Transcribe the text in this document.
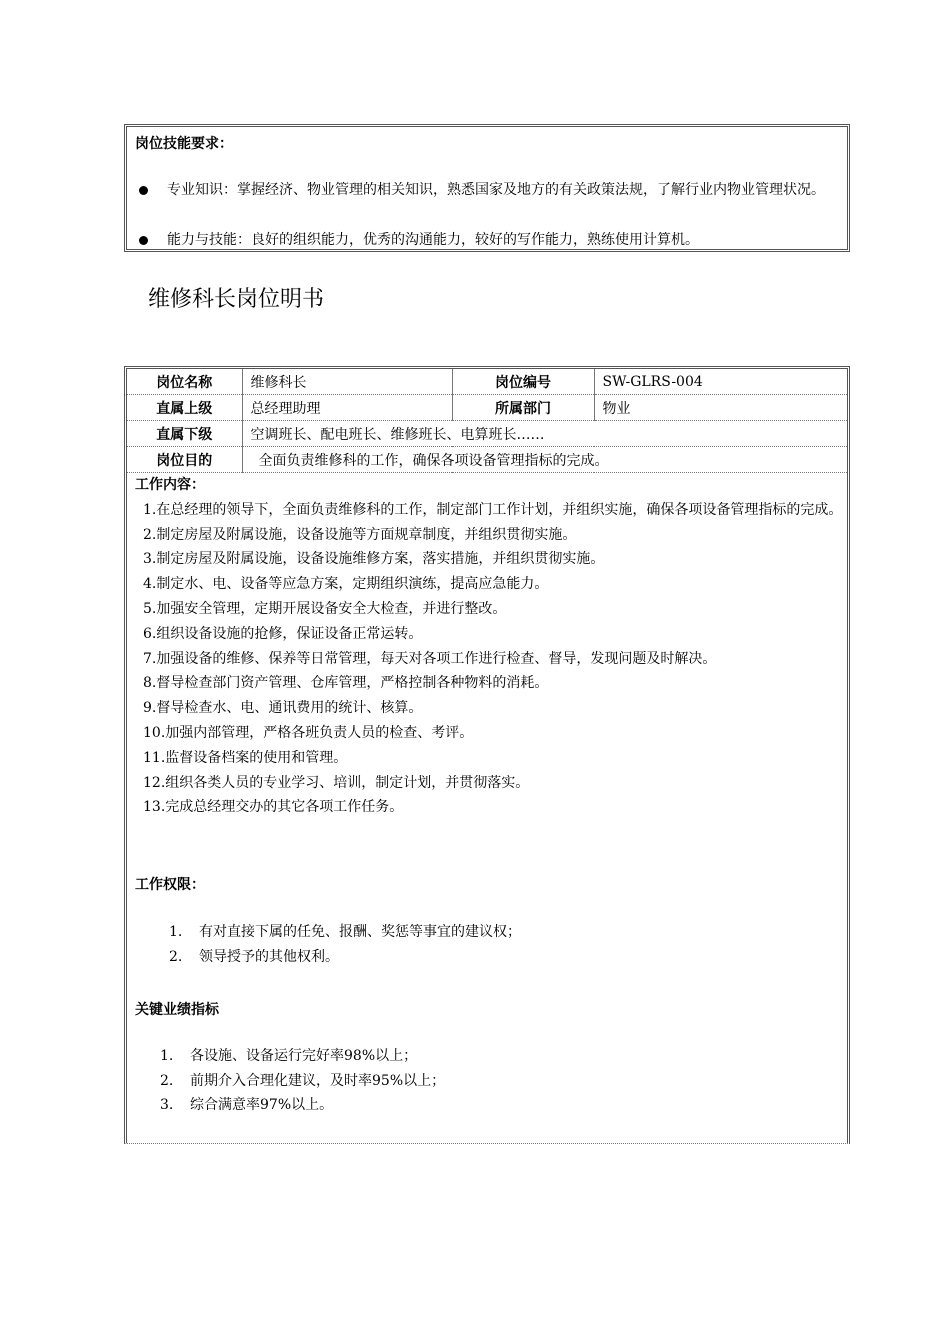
岗位技能要求：
专业知识：掌握经济、物业管理的相关知识，熟悉国家及地方的有关政策法规，了解行业内物业管理状况。
能力与技能：良好的组织能力，优秀的沟通能力，较好的写作能力，熟练使用计算机。
维修科长岗位明书
岗位名称	维修科长	岗位编号	SW-GLRS-004
直属上级	总经理助理	所属部门	物业
直属下级	空调班长、配电班长、维修班长、电算班长……		
岗位目的	全面负责维修科的工作，确保各项设备管理指标的完成。		
工作内容：
1.在总经理的领导下，全面负责维修科的工作，制定部门工作计划，并组织实施，确保各项设备管理指标的完成。
2.制定房屋及附属设施，设备设施等方面规章制度，并组织贯彻实施。
3.制定房屋及附属设施，设备设施维修方案，落实措施，并组织贯彻实施。
4.制定水、电、设备等应急方案，定期组织演练，提高应急能力。
5.加强安全管理，定期开展设备安全大检查，并进行整改。
6.组织设备设施的抢修，保证设备正常运转。
7.加强设备的维修、保养等日常管理，每天对各项工作进行检查、督导，发现问题及时解决。
8.督导检查部门资产管理、仓库管理，严格控制各种物料的消耗。
9.督导检查水、电、通讯费用的统计、核算。
10.加强内部管理，严格各班负责人员的检查、考评。
11.监督设备档案的使用和管理。
12.组织各类人员的专业学习、培训，制定计划，并贯彻落实。
13.完成总经理交办的其它各项工作任务。
工作权限：
1. 有对直接下属的任免、报酬、奖惩等事宜的建议权；
2. 领导授予的其他权利。
关键业绩指标
1. 各设施、设备运行完好率98%以上；
2. 前期介入合理化建议，及时率95%以上；
3. 综合满意率97%以上。
